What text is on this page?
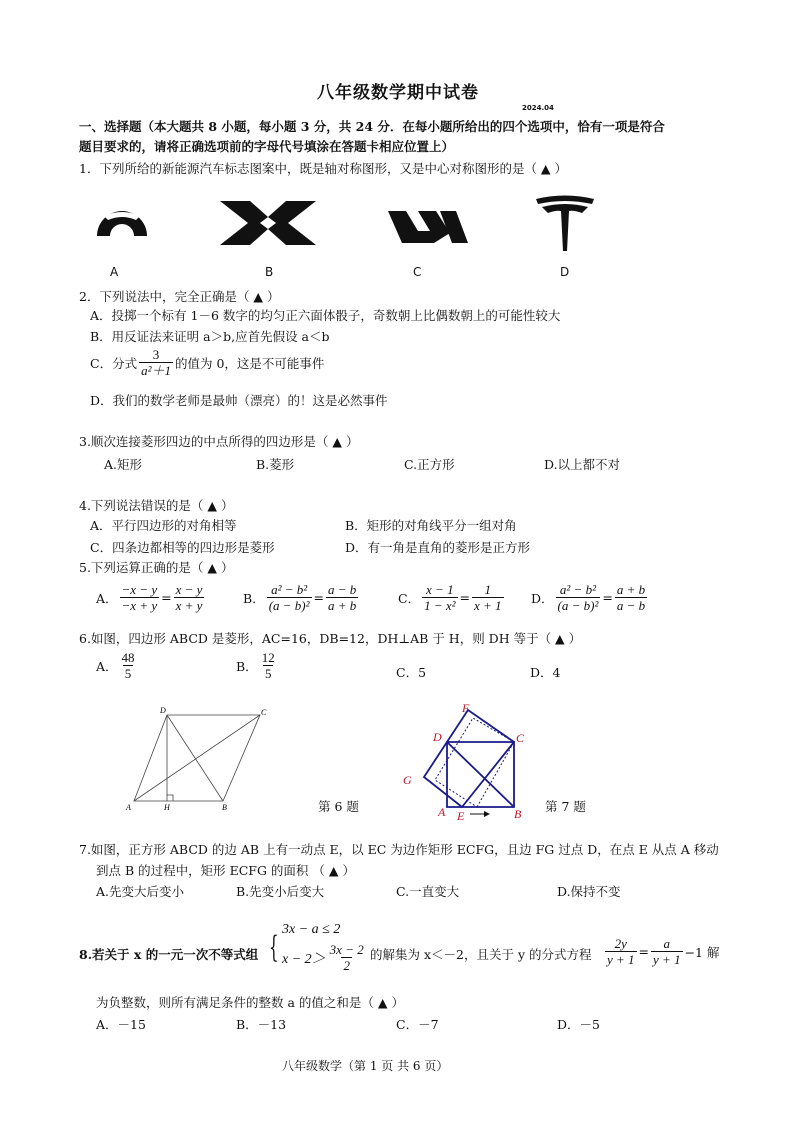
八年级数学期中试卷
2024.04
一、选择题（本大题共 8 小题，每小题 3 分，共 24 分．在每小题所给出的四个选项中，恰有一项是符合
题目要求的，请将正确选项前的字母代号填涂在答题卡相应位置上）
1．下列所给的新能源汽车标志图案中，既是轴对称图形，又是中心对称图形的是（ ▲ ）
A	B	C	D
2．下列说法中，完全正确是（ ▲ ）
A．投掷一个标有 1－6 数字的均匀正六面体骰子，奇数朝上比偶数朝上的可能性较大
B．用反证法来证明 a＞b,应首先假设 a＜b
C．分式 $\frac{3}{\text{a²＋1}}$ 的值为 0，这是不可能事件
D．我们的数学老师是最帅（漂亮）的！这是必然事件
3.顺次连接菱形四边的中点所得的四边形是（ ▲ ）
A.矩形	B.菱形	C.正方形	D.以上都不对
4.下列说法错误的是（ ▲ ）
A．平行四边形的对角相等	B．矩形的对角线平分一组对角
C．四条边都相等的四边形是菱形	D．有一角是直角的菱形是正方形
5.下列运算正确的是（ ▲ ）
A． $\frac{-x - y}{-x + y} = \frac{x - y}{x + y}$	B． $\frac{\text{a² − b²}}{\text{(a − b)²}} = \frac{a - b}{a + b}$	C． $\frac{x - 1}{\text{1 − x²}} = \frac{1}{x + 1}$ D． $\frac{\text{a² − b²}}{\text{(a − b)²}} = \frac{a + b}{a - b}$
6.如图，四边形 ABCD 是菱形，AC=16，DB=12，DH⊥AB 于 H，则 DH 等于（ ▲ ）
A． $\frac{48}{5}$	B． $\frac{12}{5}$	C．5	D．4
A	H	B
C
D
第 6 题
F
D	C
G
A E	B 第 7 题
7.如图，正方形 ABCD 的边 AB 上有一动点 E，以 EC 为边作矩形 ECFG，且边 FG 过点 D，在点 E 从点 A 移动
到点 B 的过程中，矩形 ECFG 的面积 （ ▲ ）
A.先变大后变小	B.先变小后变大	C.一直变大	D.保持不变
8.若关于 x 的一元一次不等式组 {
3x − a ≤ 2
$x - 2> \frac{3x - 2}{2}$ 的解集为 x＜－2，且关于 y 的分式方程 $\frac{2y}{y + 1} = \frac{a}{y + 1} -1$ 解
为负整数，则所有满足条件的整数 a 的值之和是（ ▲ ）
A．－15	B．－13	C．－7	D．－5
八年级数学（第 1 页 共 6 页）
